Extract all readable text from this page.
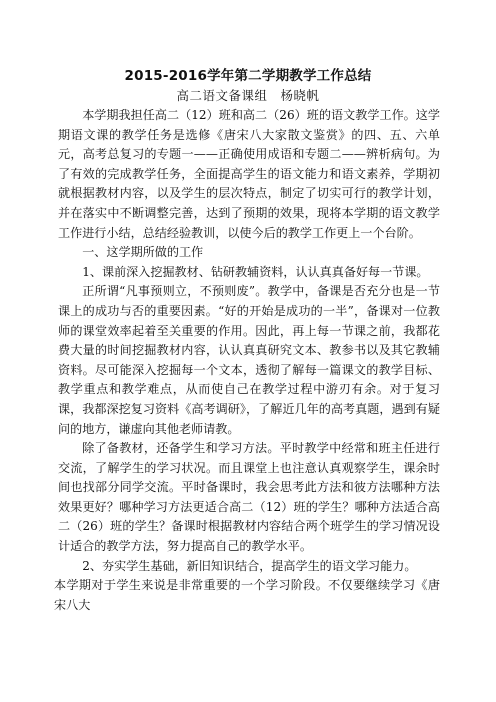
2015-2016学年第二学期教学工作总结
高二语文备课组　杨晓帆

本学期我担任高二（12）班和高二（26）班的语文教学工作。这学期语文课的教学任务是选修《唐宋八大家散文鉴赏》的四、五、六单元，高考总复习的专题一——正确使用成语和专题二——辨析病句。为了有效的完成教学任务，全面提高学生的语文能力和语文素养，学期初就根据教材内容，以及学生的层次特点，制定了切实可行的教学计划，并在落实中不断调整完善，达到了预期的效果，现将本学期的语文教学工作进行小结，总结经验教训，以使今后的教学工作更上一个台阶。

一、这学期所做的工作

1、课前深入挖掘教材、钻研教辅资料，认认真真备好每一节课。

正所谓“凡事预则立，不预则废”。教学中，备课是否充分也是一节课上的成功与否的重要因素。“好的开始是成功的一半”，备课对一位教师的课堂效率起着至关重要的作用。因此，再上每一节课之前，我都花费大量的时间挖掘教材内容，认认真真研究文本、教参书以及其它教辅资料。尽可能深入挖掘每一个文本，透彻了解每一篇课文的教学目标、教学重点和教学难点，从而使自己在教学过程中游刃有余。对于复习课，我都深挖复习资料《高考调研》，了解近几年的高考真题，遇到有疑问的地方，谦虚向其他老师请教。

除了备教材，还备学生和学习方法。平时教学中经常和班主任进行交流，了解学生的学习状况。而且课堂上也注意认真观察学生，课余时间也找部分同学交流。平时备课时，我会思考此方法和彼方法哪种方法效果更好？哪种学习方法更适合高二（12）班的学生？哪种方法适合高二（26）班的学生？备课时根据教材内容结合两个班学生的学习情况设计适合的教学方法，努力提高自己的教学水平。

2、夯实学生基础，新旧知识结合，提高学生的语文学习能力。

本学期对于学生来说是非常重要的一个学习阶段。不仅要继续学习《唐宋八大
